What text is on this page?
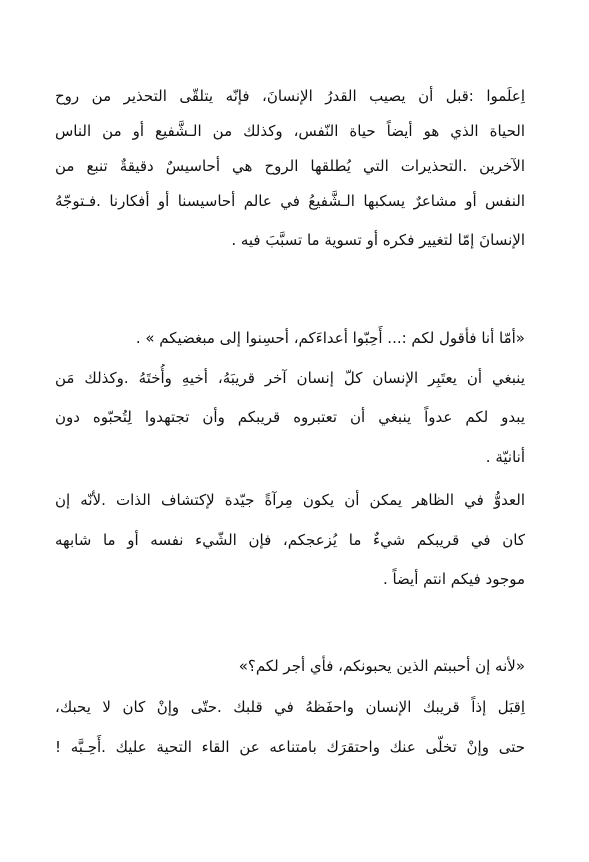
اِعلَموا :قبل أن يصيب القدرُ الإنسانَ، فإنّه يتلقّى التحذير من روح
الحياة الذي هو أيضاً حياة النّفس، وكذلك من الـشَّفيع أو من الناس
الآخرين .التحذيرات التي يُطلقها الروح هي أحاسيسٌ دقيقةٌ تنبع من
النفس أو مشاعرٌ يسكبها الـشَّفيعُ في عالم أحاسيسنا أو أفكارنا .فـتوجّهُ
الإنسانَ إمّا لتغيير فكره أو تسوية ما تسبَّبَ فيه .
«أمّا أنا فأقول لكم :... أَحِبّوا أعداءَكم، أحسِنوا إلى مبغضيكم » .
ينبغي أن يعتَبِر الإنسان كلّ إنسان آخر قريبَهُ، أخيهِ وأُختَهُ .وكذلك مَن
يبدو لكم عدواً ينبغي أن تعتبروه قريبكم وأن تجتهدوا لِتُحبّوه دون
أنانيّة .
العدوُّ في الظاهر يمكن أن يكون مِرآةً جيّدة لإكتشاف الذات .لأنّه إن
كان في قريبكم شيءٌ ما يُزعجكم، فإن الشّيء نفسه أو ما شابهه
موجود فيكم انتم أيضاً .
«لأنه إن أحببتم الذين يحبونكم، فأي أجر لكم؟»
اِقبَل إذاً قريبك الإنسان واحفَظهُ في قلبك .حتّى وإنْ كان لا يحبك،
حتى وإنْ تخلّى عنك واحتقرَك بامتناعه عن القاء التحية عليك .أَحِـبَّه !
